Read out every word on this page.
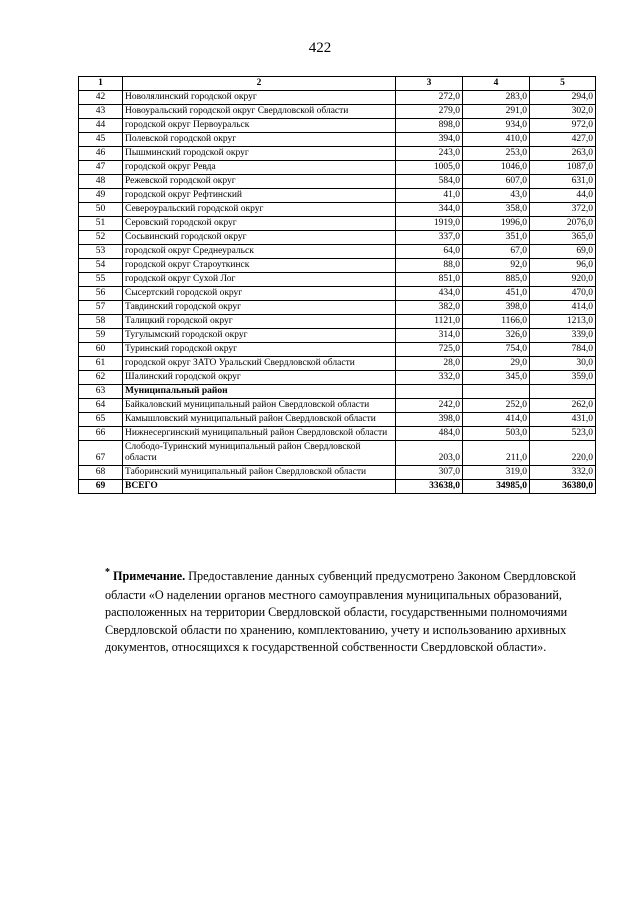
422
1	2	3	4	5
42	Новолялинский городской округ	272,0	283,0	294,0
43	Новоуральский городской округ Свердловской области	279,0	291,0	302,0
44	городской округ Первоуральск	898,0	934,0	972,0
45	Полевской городской округ	394,0	410,0	427,0
46	Пышминский городской округ	243,0	253,0	263,0
47	городской округ Ревда	1005,0	1046,0	1087,0
48	Режевской городской округ	584,0	607,0	631,0
49	городской округ Рефтинский	41,0	43,0	44,0
50	Североуральский городской округ	344,0	358,0	372,0
51	Серовский городской округ	1919,0	1996,0	2076,0
52	Сосьвинский городской округ	337,0	351,0	365,0
53	городской округ Среднеуральск	64,0	67,0	69,0
54	городской округ Староуткинск	88,0	92,0	96,0
55	городской округ Сухой Лог	851,0	885,0	920,0
56	Сысертский городской округ	434,0	451,0	470,0
57	Тавдинский городской округ	382,0	398,0	414,0
58	Талицкий городской округ	1121,0	1166,0	1213,0
59	Тугулымский городской округ	314,0	326,0	339,0
60	Туринский городской округ	725,0	754,0	784,0
61	городской округ ЗАТО Уральский Свердловской области	28,0	29,0	30,0
62	Шалинский городской округ	332,0	345,0	359,0
63	Муниципальный район			
64	Байкаловский муниципальный район Свердловской области	242,0	252,0	262,0
65	Камышловский муниципальный район Свердловской области	398,0	414,0	431,0
66	Нижнесергинский муниципальный район Свердловской области	484,0	503,0	523,0
67	Слободо-Туринский муниципальный район Свердловской области	203,0	211,0	220,0
68	Таборинский муниципальный район Свердловской области	307,0	319,0	332,0
69	ВСЕГО	33638,0	34985,0	36380,0
* Примечание. Предоставление данных субвенций предусмотрено Законом Свердловской области «О наделении органов местного самоуправления муниципальных образований, расположенных на территории Свердловской области, государственными полномочиями Свердловской области по хранению, комплектованию, учету и использованию архивных документов, относящихся к государственной собственности Свердловской области».
